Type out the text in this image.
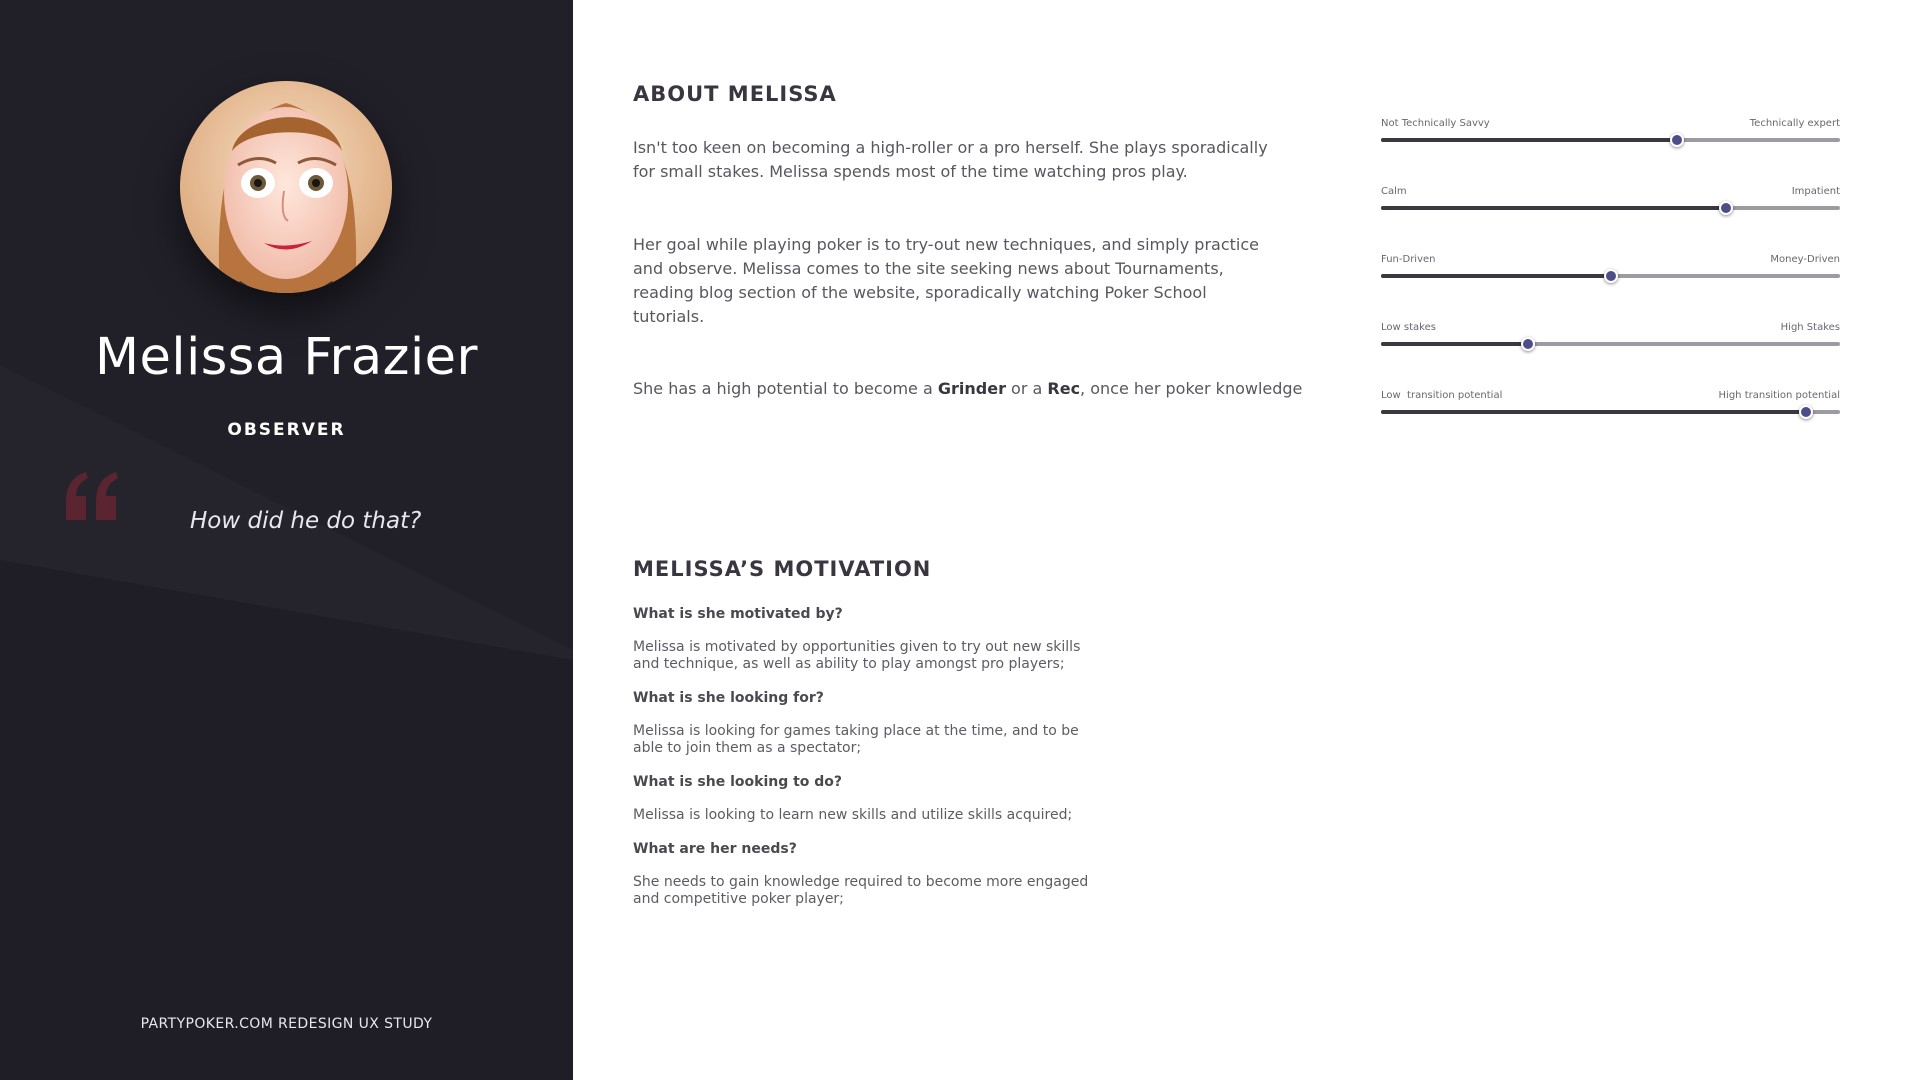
Melissa Frazier
OBSERVER
How did he do that?
PARTYPOKER.COM REDESIGN UX STUDY
ABOUT MELISSA
Isn't too keen on becoming a high-roller or a pro herself. She plays sporadically for small stakes. Melissa spends most of the time watching pros play.
Her goal while playing poker is to try-out new techniques, and simply practice and observe. Melissa comes to the site seeking news about Tournaments, reading blog section of the website, sporadically watching Poker School tutorials.
She has a high potential to become a Grinder or a Rec, once her poker knowledge
Not Technically Savvy	Technically expert
Calm	Impatient
Fun-Driven	Money-Driven
Low stakes	High Stakes
Low  transition potential	High transition potential
MELISSA’S MOTIVATION
What is she motivated by?
Melissa is motivated by opportunities given to try out new skills
and technique, as well as ability to play amongst pro players;
What is she looking for?
Melissa is looking for games taking place at the time, and to be
able to join them as a spectator;
What is she looking to do?
Melissa is looking to learn new skills and utilize skills acquired;
What are her needs?
She needs to gain knowledge required to become more engaged
and competitive poker player;
